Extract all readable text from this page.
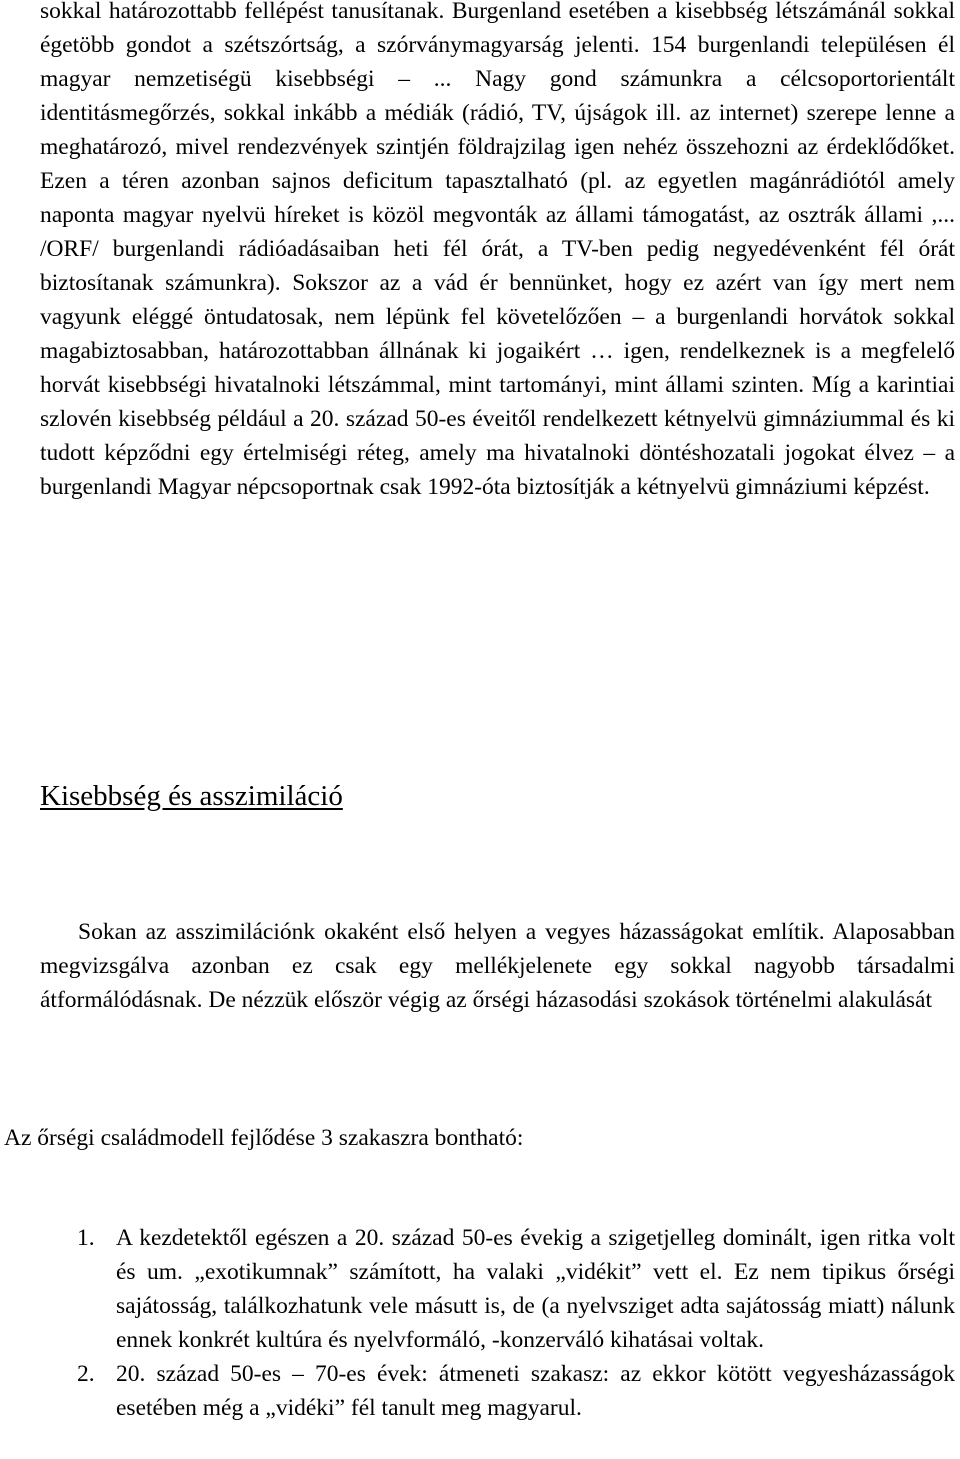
sokkal határozottabb fellépést tanusítanak. Burgenland esetében a kisebbség létszámánál sokkal égetöbb gondot a szétszórtság, a szórványmagyarság jelenti. 154 burgenlandi településen él magyar nemzetiségü kisebbségi – ... Nagy gond számunkra a célcsoportorientált identitásmegőrzés, sokkal inkább a médiák (rádió, TV, újságok ill. az internet) szerepe lenne a meghatározó, mivel rendezvények szintjén földrajzilag igen nehéz összehozni az érdeklődőket. Ezen a téren azonban sajnos deficitum tapasztalható (pl. az egyetlen magánrádiótól amely naponta magyar nyelvü híreket is közöl megvonták az állami támogatást, az osztrák állami ,... /ORF/ burgenlandi rádióadásaiban heti fél órát, a TV-ben pedig negyedévenként fél órát biztosítanak számunkra). Sokszor az a vád ér bennünket, hogy ez azért van így mert nem vagyunk eléggé öntudatosak, nem lépünk fel követelőzően – a burgenlandi horvátok sokkal magabiztosabban, határozottabban állnának ki jogaikért … igen, rendelkeznek is a megfelelő horvát kisebbségi hivatalnoki létszámmal, mint tartományi, mint állami szinten. Míg a karintiai szlovén kisebbség például a 20. század 50-es éveitől rendelkezett kétnyelvü gimnáziummal és ki tudott képződni egy értelmiségi réteg, amely ma hivatalnoki döntéshozatali jogokat élvez – a burgenlandi Magyar népcsoportnak csak 1992-óta biztosítják a kétnyelvü gimnáziumi képzést.

Kisebbség és asszimiláció

Sokan az asszimilációnk okaként első helyen a vegyes házasságokat említik. Alaposabban megvizsgálva azonban ez csak egy mellékjelenete egy sokkal nagyobb társadalmi átformálódásnak. De nézzük először végig az őrségi házasodási szokások történelmi alakulását

Az őrségi családmodell fejlődése 3 szakaszra bontható:

1. A kezdetektől egészen a 20. század 50-es évekig a szigetjelleg dominált, igen ritka volt és um. „exotikumnak” számított, ha valaki „vidékit” vett el. Ez nem tipikus őrségi sajátosság, találkozhatunk vele másutt is, de (a nyelvsziget adta sajátosság miatt) nálunk ennek konkrét kultúra és nyelvformáló, -konzerváló kihatásai voltak.
2. 20. század 50-es – 70-es évek: átmeneti szakasz: az ekkor kötött vegyesházasságok esetében még a „vidéki” fél tanult meg magyarul.
